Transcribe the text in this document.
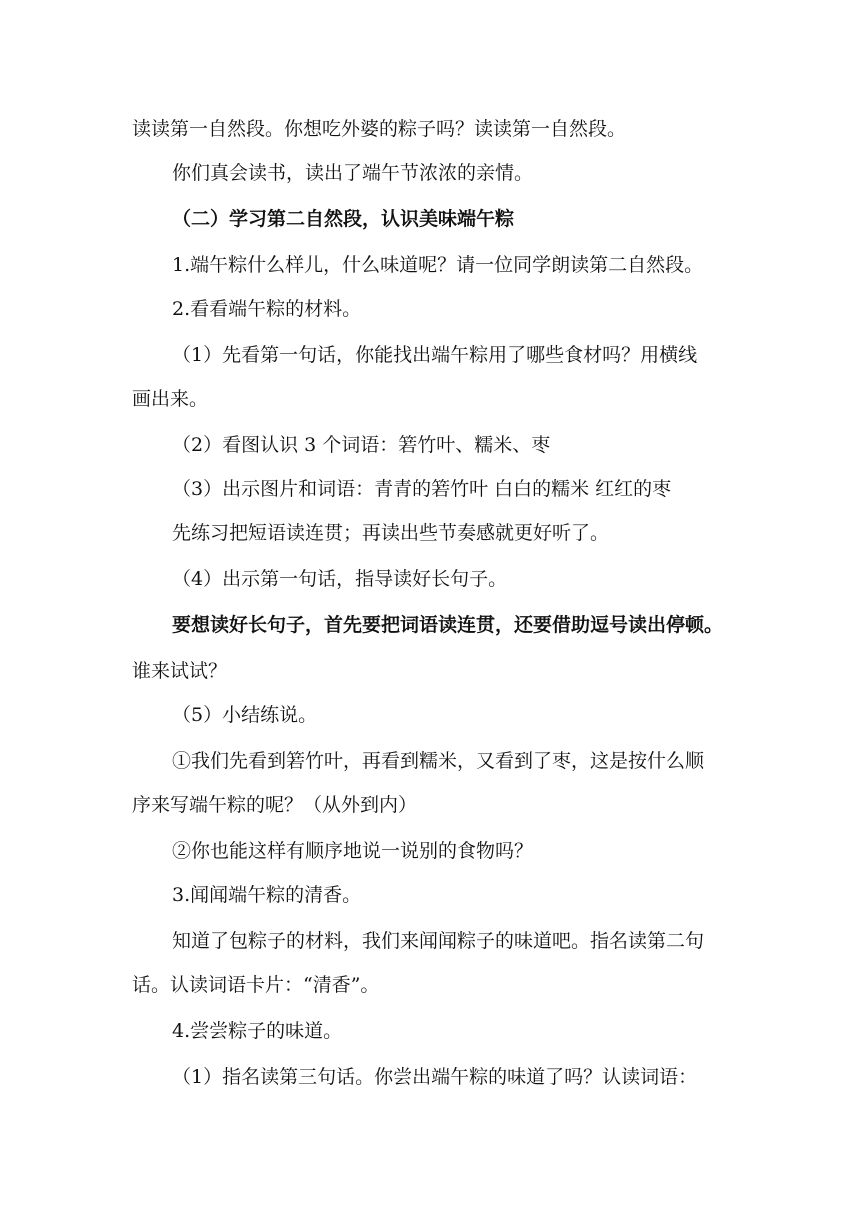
读读第一自然段。你想吃外婆的粽子吗？读读第一自然段。
你们真会读书，读出了端午节浓浓的亲情。
（二）学习第二自然段，认识美味端午粽
1.端午粽什么样儿，什么味道呢？请一位同学朗读第二自然段。
2.看看端午粽的材料。
（1）先看第一句话，你能找出端午粽用了哪些食材吗？用横线
画出来。
（2）看图认识 3 个词语：箬竹叶、糯米、枣
（3）出示图片和词语：青青的箬竹叶 白白的糯米 红红的枣
先练习把短语读连贯；再读出些节奏感就更好听了。
（4）出示第一句话，指导读好长句子。
要想读好长句子，首先要把词语读连贯，还要借助逗号读出停顿。
谁来试试？
（5）小结练说。
①我们先看到箬竹叶，再看到糯米，又看到了枣，这是按什么顺
序来写端午粽的呢？（从外到内）
②你也能这样有顺序地说一说别的食物吗？
3.闻闻端午粽的清香。
知道了包粽子的材料，我们来闻闻粽子的味道吧。指名读第二句
话。认读词语卡片：“清香”。
4.尝尝粽子的味道。
（1）指名读第三句话。你尝出端午粽的味道了吗？认读词语：
